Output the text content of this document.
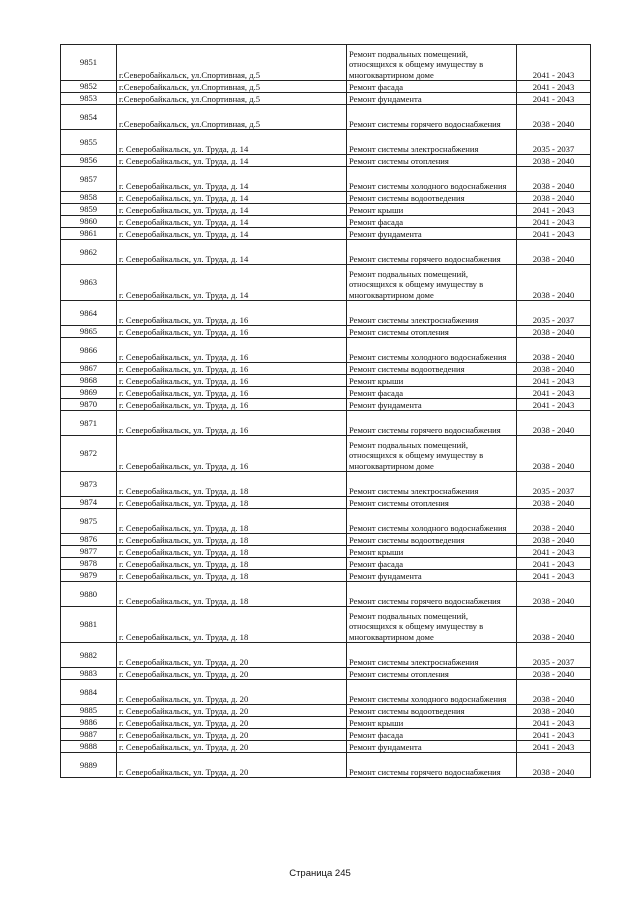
9851	г.Северобайкальск, ул.Спортивная, д.5	Ремонт подвальных помещений, относящихся к общему имуществу в многоквартирном доме	2041 - 2043
9852	г.Северобайкальск, ул.Спортивная, д.5	Ремонт фасада	2041 - 2043
9853	г.Северобайкальск, ул.Спортивная, д.5	Ремонт фундамента	2041 - 2043
9854	г.Северобайкальск, ул.Спортивная, д.5	Ремонт системы горячего водоснабжения	2038 - 2040
9855	г. Северобайкальск, ул. Труда, д. 14	Ремонт системы электроснабжения	2035 - 2037
9856	г. Северобайкальск, ул. Труда, д. 14	Ремонт системы отопления	2038 - 2040
9857	г. Северобайкальск, ул. Труда, д. 14	Ремонт системы холодного водоснабжения	2038 - 2040
9858	г. Северобайкальск, ул. Труда, д. 14	Ремонт системы водоотведения	2038 - 2040
9859	г. Северобайкальск, ул. Труда, д. 14	Ремонт крыши	2041 - 2043
9860	г. Северобайкальск, ул. Труда, д. 14	Ремонт фасада	2041 - 2043
9861	г. Северобайкальск, ул. Труда, д. 14	Ремонт фундамента	2041 - 2043
9862	г. Северобайкальск, ул. Труда, д. 14	Ремонт системы горячего водоснабжения	2038 - 2040
9863	г. Северобайкальск, ул. Труда, д. 14	Ремонт подвальных помещений, относящихся к общему имуществу в многоквартирном доме	2038 - 2040
9864	г. Северобайкальск, ул. Труда, д. 16	Ремонт системы электроснабжения	2035 - 2037
9865	г. Северобайкальск, ул. Труда, д. 16	Ремонт системы отопления	2038 - 2040
9866	г. Северобайкальск, ул. Труда, д. 16	Ремонт системы холодного водоснабжения	2038 - 2040
9867	г. Северобайкальск, ул. Труда, д. 16	Ремонт системы водоотведения	2038 - 2040
9868	г. Северобайкальск, ул. Труда, д. 16	Ремонт крыши	2041 - 2043
9869	г. Северобайкальск, ул. Труда, д. 16	Ремонт фасада	2041 - 2043
9870	г. Северобайкальск, ул. Труда, д. 16	Ремонт фундамента	2041 - 2043
9871	г. Северобайкальск, ул. Труда, д. 16	Ремонт системы горячего водоснабжения	2038 - 2040
9872	г. Северобайкальск, ул. Труда, д. 16	Ремонт подвальных помещений, относящихся к общему имуществу в многоквартирном доме	2038 - 2040
9873	г. Северобайкальск, ул. Труда, д. 18	Ремонт системы электроснабжения	2035 - 2037
9874	г. Северобайкальск, ул. Труда, д. 18	Ремонт системы отопления	2038 - 2040
9875	г. Северобайкальск, ул. Труда, д. 18	Ремонт системы холодного водоснабжения	2038 - 2040
9876	г. Северобайкальск, ул. Труда, д. 18	Ремонт системы водоотведения	2038 - 2040
9877	г. Северобайкальск, ул. Труда, д. 18	Ремонт крыши	2041 - 2043
9878	г. Северобайкальск, ул. Труда, д. 18	Ремонт фасада	2041 - 2043
9879	г. Северобайкальск, ул. Труда, д. 18	Ремонт фундамента	2041 - 2043
9880	г. Северобайкальск, ул. Труда, д. 18	Ремонт системы горячего водоснабжения	2038 - 2040
9881	г. Северобайкальск, ул. Труда, д. 18	Ремонт подвальных помещений, относящихся к общему имуществу в многоквартирном доме	2038 - 2040
9882	г. Северобайкальск, ул. Труда, д. 20	Ремонт системы электроснабжения	2035 - 2037
9883	г. Северобайкальск, ул. Труда, д. 20	Ремонт системы отопления	2038 - 2040
9884	г. Северобайкальск, ул. Труда, д. 20	Ремонт системы холодного водоснабжения	2038 - 2040
9885	г. Северобайкальск, ул. Труда, д. 20	Ремонт системы водоотведения	2038 - 2040
9886	г. Северобайкальск, ул. Труда, д. 20	Ремонт крыши	2041 - 2043
9887	г. Северобайкальск, ул. Труда, д. 20	Ремонт фасада	2041 - 2043
9888	г. Северобайкальск, ул. Труда, д. 20	Ремонт фундамента	2041 - 2043
9889	г. Северобайкальск, ул. Труда, д. 20	Ремонт системы горячего водоснабжения	2038 - 2040
Страница 245
